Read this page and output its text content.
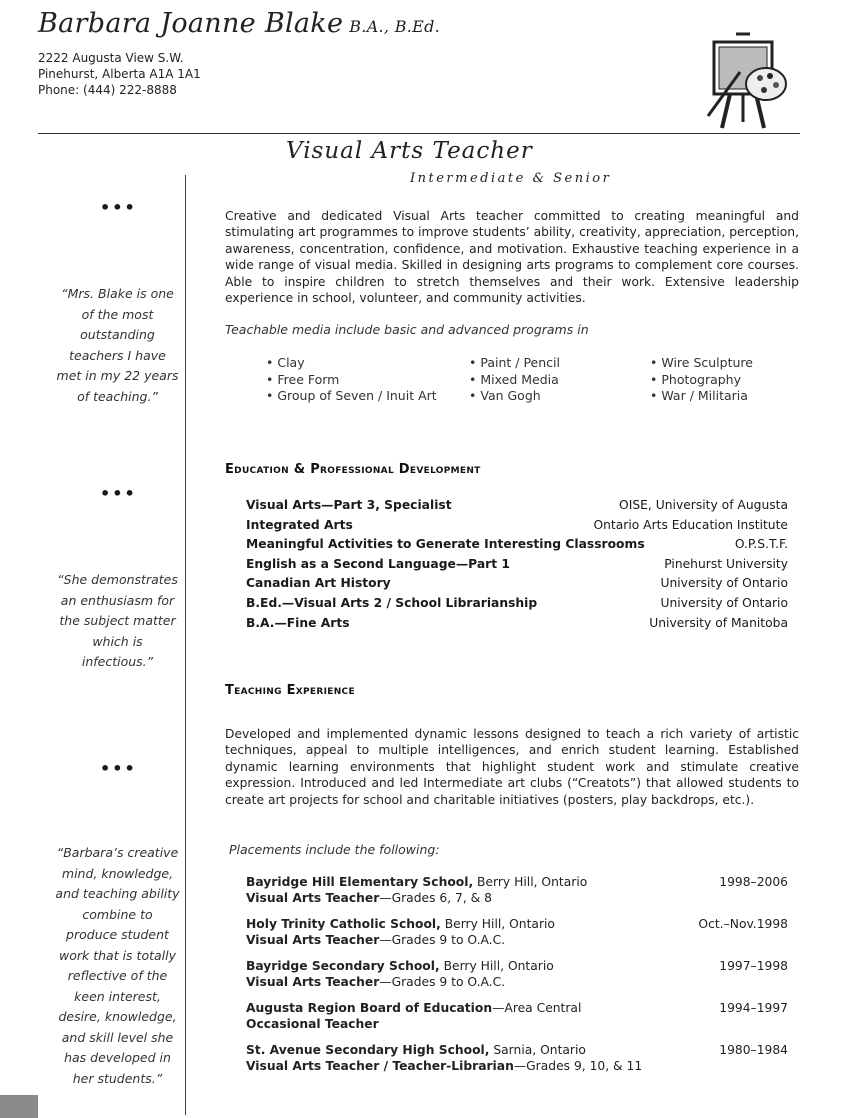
Barbara Joanne Blake B.A., B.Ed.
2222 Augusta View S.W.
Pinehurst, Alberta A1A 1A1
Phone: (444) 222-8888
Visual Arts Teacher
Intermediate & Senior
•••
“Mrs. Blake is one of the most outstanding teachers I have met in my 22 years of teaching.”
•••
“She demonstrates an enthusiasm for the subject matter which is infectious.”
•••
“Barbara’s creative mind, knowledge, and teaching ability combine to produce student work that is totally reflective of the keen interest, desire, knowledge, and skill level she has developed in her students.”
Creative and dedicated Visual Arts teacher committed to creating meaningful and stimulating art programmes to improve students’ ability, creativity, appreciation, perception, awareness, concentration, confidence, and motivation. Exhaustive teaching experience in a wide range of visual media. Skilled in designing arts programs to complement core courses. Able to inspire children to stretch themselves and their work. Extensive leadership experience in school, volunteer, and community activities.
Teachable media include basic and advanced programs in
• Clay
• Free Form
• Group of Seven / Inuit Art
• Paint / Pencil
• Mixed Media
• Van Gogh
• Wire Sculpture
• Photography
• War / Militaria
Education & Professional Development
Visual Arts—Part 3, Specialist	OISE, University of Augusta
Integrated Arts	Ontario Arts Education Institute
Meaningful Activities to Generate Interesting Classrooms	O.P.S.T.F.
English as a Second Language—Part 1	Pinehurst University
Canadian Art History	University of Ontario
B.Ed.—Visual Arts 2 / School Librarianship	University of Ontario
B.A.—Fine Arts	University of Manitoba
Teaching Experience
Developed and implemented dynamic lessons designed to teach a rich variety of artistic techniques, appeal to multiple intelligences, and enrich student learning. Established dynamic learning environments that highlight student work and stimulate creative expression. Introduced and led Intermediate art clubs (“Creatots”) that allowed students to create art projects for school and charitable initiatives (posters, play backdrops, etc.).
Placements include the following:
Bayridge Hill Elementary School, Berry Hill, Ontario	1998–2006
Visual Arts Teacher—Grades 6, 7, & 8
Holy Trinity Catholic School, Berry Hill, Ontario	Oct.–Nov.1998
Visual Arts Teacher—Grades 9 to O.A.C.
Bayridge Secondary School, Berry Hill, Ontario	1997–1998
Visual Arts Teacher—Grades 9 to O.A.C.
Augusta Region Board of Education—Area Central	1994–1997
Occasional Teacher
St. Avenue Secondary High School, Sarnia, Ontario	1980–1984
Visual Arts Teacher / Teacher-Librarian—Grades 9, 10, & 11
